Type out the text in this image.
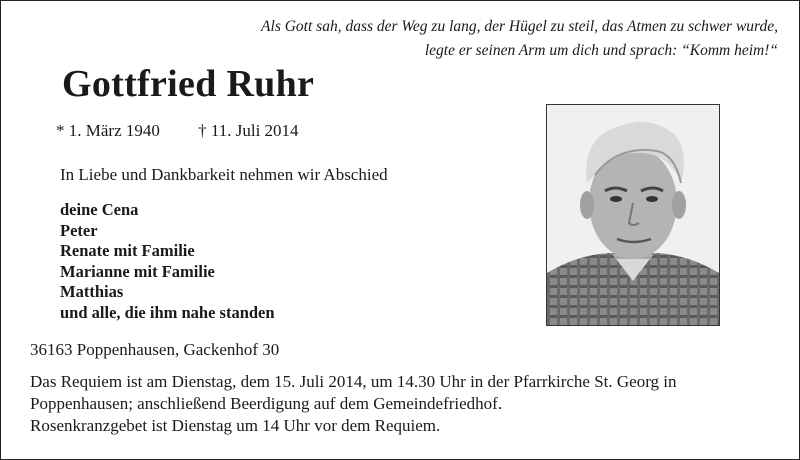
Als Gott sah, dass der Weg zu lang, der Hügel zu steil, das Atmen zu schwer wurde,
legte er seinen Arm um dich und sprach: “Komm heim!“
Gottfried Ruhr
* 1. März 1940 † 11. Juli 2014
In Liebe und Dankbarkeit nehmen wir Abschied
deine Cena
Peter
Renate mit Familie
Marianne mit Familie
Matthias
und alle, die ihm nahe standen
36163 Poppenhausen, Gackenhof 30
Das Requiem ist am Dienstag, dem 15. Juli 2014, um 14.30 Uhr in der Pfarrkirche St. Georg in
Poppenhausen; anschließend Beerdigung auf dem Gemeindefriedhof.
Rosenkranzgebet ist Dienstag um 14 Uhr vor dem Requiem.
